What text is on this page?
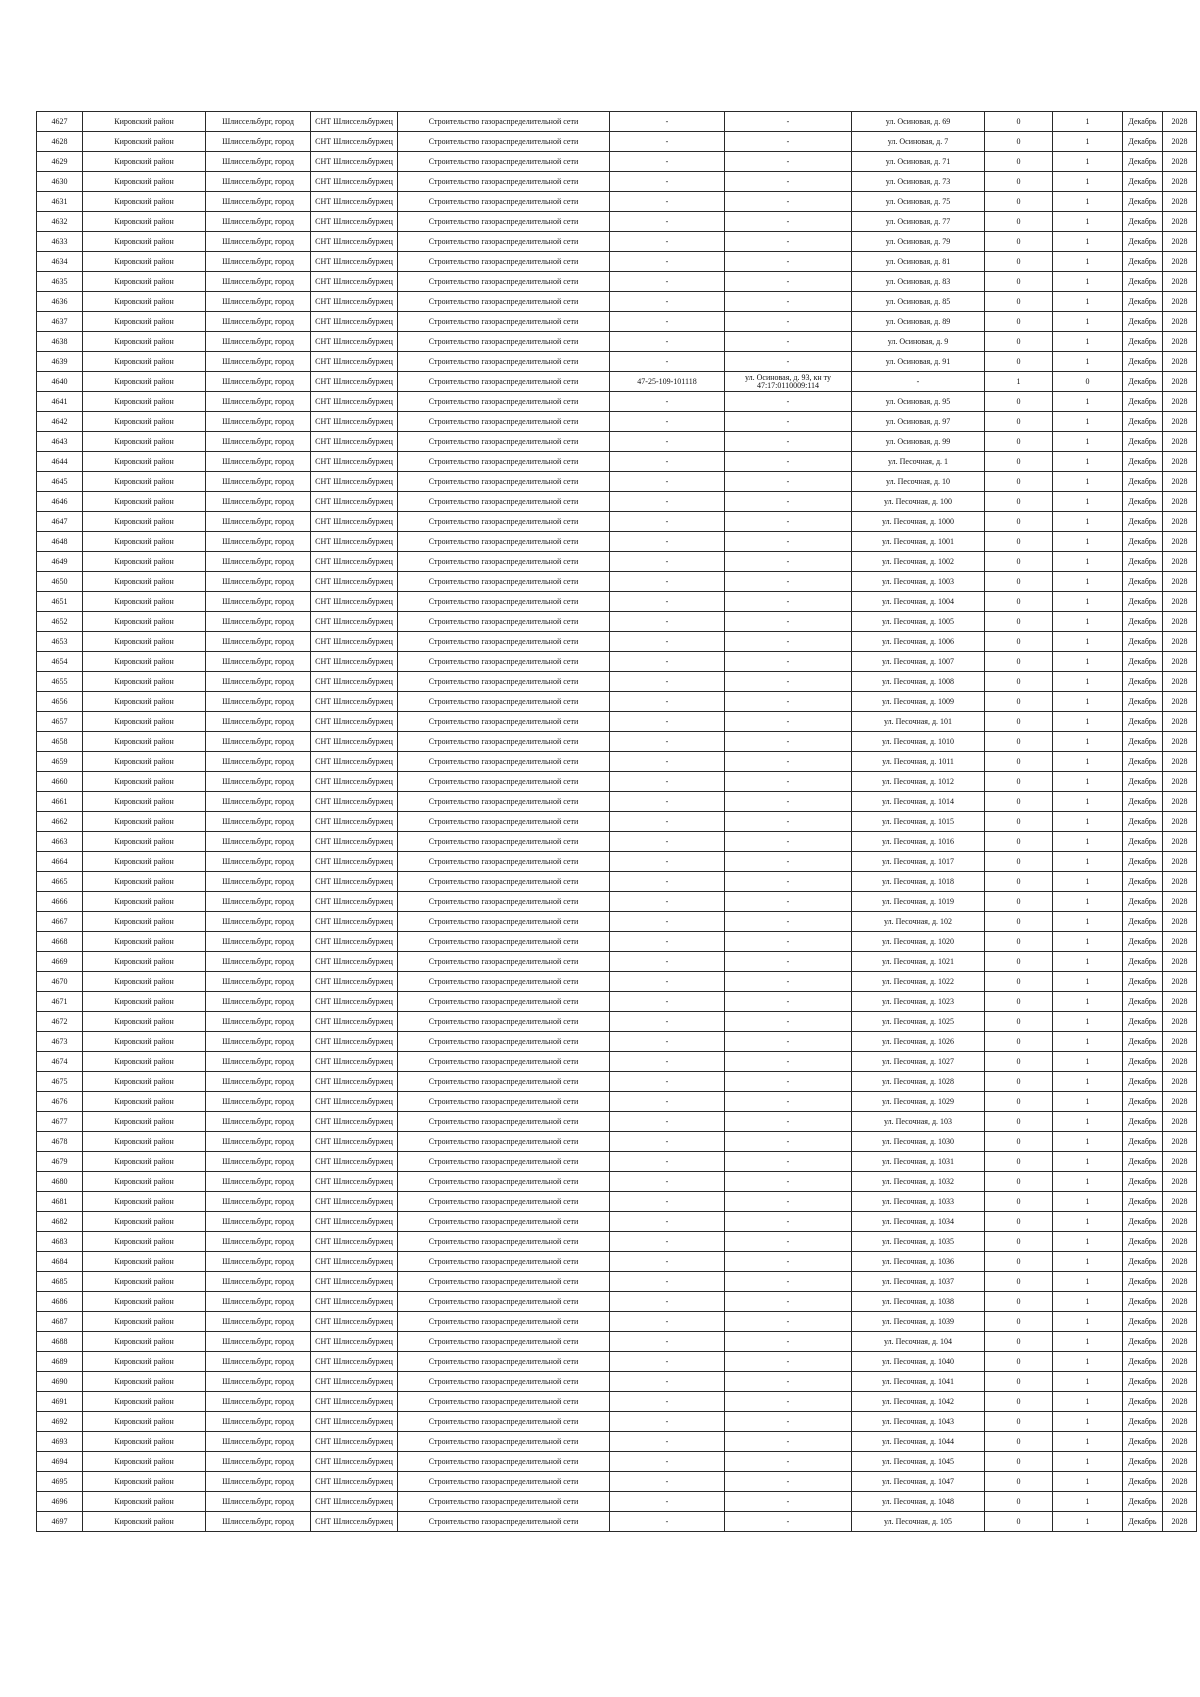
4627	Кировский район	Шлиссельбург, город	СНТ Шлиссельбуржец	Строительство газораспределительной сети	-	-	ул. Осиновая, д. 69	0	1	Декабрь	2028
4628	Кировский район	Шлиссельбург, город	СНТ Шлиссельбуржец	Строительство газораспределительной сети	-	-	ул. Осиновая, д. 7	0	1	Декабрь	2028
4629	Кировский район	Шлиссельбург, город	СНТ Шлиссельбуржец	Строительство газораспределительной сети	-	-	ул. Осиновая, д. 71	0	1	Декабрь	2028
4630	Кировский район	Шлиссельбург, город	СНТ Шлиссельбуржец	Строительство газораспределительной сети	-	-	ул. Осиновая, д. 73	0	1	Декабрь	2028
4631	Кировский район	Шлиссельбург, город	СНТ Шлиссельбуржец	Строительство газораспределительной сети	-	-	ул. Осиновая, д. 75	0	1	Декабрь	2028
4632	Кировский район	Шлиссельбург, город	СНТ Шлиссельбуржец	Строительство газораспределительной сети	-	-	ул. Осиновая, д. 77	0	1	Декабрь	2028
4633	Кировский район	Шлиссельбург, город	СНТ Шлиссельбуржец	Строительство газораспределительной сети	-	-	ул. Осиновая, д. 79	0	1	Декабрь	2028
4634	Кировский район	Шлиссельбург, город	СНТ Шлиссельбуржец	Строительство газораспределительной сети	-	-	ул. Осиновая, д. 81	0	1	Декабрь	2028
4635	Кировский район	Шлиссельбург, город	СНТ Шлиссельбуржец	Строительство газораспределительной сети	-	-	ул. Осиновая, д. 83	0	1	Декабрь	2028
4636	Кировский район	Шлиссельбург, город	СНТ Шлиссельбуржец	Строительство газораспределительной сети	-	-	ул. Осиновая, д. 85	0	1	Декабрь	2028
4637	Кировский район	Шлиссельбург, город	СНТ Шлиссельбуржец	Строительство газораспределительной сети	-	-	ул. Осиновая, д. 89	0	1	Декабрь	2028
4638	Кировский район	Шлиссельбург, город	СНТ Шлиссельбуржец	Строительство газораспределительной сети	-	-	ул. Осиновая, д. 9	0	1	Декабрь	2028
4639	Кировский район	Шлиссельбург, город	СНТ Шлиссельбуржец	Строительство газораспределительной сети	-	-	ул. Осиновая, д. 91	0	1	Декабрь	2028
4640	Кировский район	Шлиссельбург, город	СНТ Шлиссельбуржец	Строительство газораспределительной сети	47-25-109-101118	ул. Осиновая, д. 93, кн ту 47:17:0110009:114	-	1	0	Декабрь	2028
4641	Кировский район	Шлиссельбург, город	СНТ Шлиссельбуржец	Строительство газораспределительной сети	-	-	ул. Осиновая, д. 95	0	1	Декабрь	2028
4642	Кировский район	Шлиссельбург, город	СНТ Шлиссельбуржец	Строительство газораспределительной сети	-	-	ул. Осиновая, д. 97	0	1	Декабрь	2028
4643	Кировский район	Шлиссельбург, город	СНТ Шлиссельбуржец	Строительство газораспределительной сети	-	-	ул. Осиновая, д. 99	0	1	Декабрь	2028
4644	Кировский район	Шлиссельбург, город	СНТ Шлиссельбуржец	Строительство газораспределительной сети	-	-	ул. Песочная, д. 1	0	1	Декабрь	2028
4645	Кировский район	Шлиссельбург, город	СНТ Шлиссельбуржец	Строительство газораспределительной сети	-	-	ул. Песочная, д. 10	0	1	Декабрь	2028
4646	Кировский район	Шлиссельбург, город	СНТ Шлиссельбуржец	Строительство газораспределительной сети	-	-	ул. Песочная, д. 100	0	1	Декабрь	2028
4647	Кировский район	Шлиссельбург, город	СНТ Шлиссельбуржец	Строительство газораспределительной сети	-	-	ул. Песочная, д. 1000	0	1	Декабрь	2028
4648	Кировский район	Шлиссельбург, город	СНТ Шлиссельбуржец	Строительство газораспределительной сети	-	-	ул. Песочная, д. 1001	0	1	Декабрь	2028
4649	Кировский район	Шлиссельбург, город	СНТ Шлиссельбуржец	Строительство газораспределительной сети	-	-	ул. Песочная, д. 1002	0	1	Декабрь	2028
4650	Кировский район	Шлиссельбург, город	СНТ Шлиссельбуржец	Строительство газораспределительной сети	-	-	ул. Песочная, д. 1003	0	1	Декабрь	2028
4651	Кировский район	Шлиссельбург, город	СНТ Шлиссельбуржец	Строительство газораспределительной сети	-	-	ул. Песочная, д. 1004	0	1	Декабрь	2028
4652	Кировский район	Шлиссельбург, город	СНТ Шлиссельбуржец	Строительство газораспределительной сети	-	-	ул. Песочная, д. 1005	0	1	Декабрь	2028
4653	Кировский район	Шлиссельбург, город	СНТ Шлиссельбуржец	Строительство газораспределительной сети	-	-	ул. Песочная, д. 1006	0	1	Декабрь	2028
4654	Кировский район	Шлиссельбург, город	СНТ Шлиссельбуржец	Строительство газораспределительной сети	-	-	ул. Песочная, д. 1007	0	1	Декабрь	2028
4655	Кировский район	Шлиссельбург, город	СНТ Шлиссельбуржец	Строительство газораспределительной сети	-	-	ул. Песочная, д. 1008	0	1	Декабрь	2028
4656	Кировский район	Шлиссельбург, город	СНТ Шлиссельбуржец	Строительство газораспределительной сети	-	-	ул. Песочная, д. 1009	0	1	Декабрь	2028
4657	Кировский район	Шлиссельбург, город	СНТ Шлиссельбуржец	Строительство газораспределительной сети	-	-	ул. Песочная, д. 101	0	1	Декабрь	2028
4658	Кировский район	Шлиссельбург, город	СНТ Шлиссельбуржец	Строительство газораспределительной сети	-	-	ул. Песочная, д. 1010	0	1	Декабрь	2028
4659	Кировский район	Шлиссельбург, город	СНТ Шлиссельбуржец	Строительство газораспределительной сети	-	-	ул. Песочная, д. 1011	0	1	Декабрь	2028
4660	Кировский район	Шлиссельбург, город	СНТ Шлиссельбуржец	Строительство газораспределительной сети	-	-	ул. Песочная, д. 1012	0	1	Декабрь	2028
4661	Кировский район	Шлиссельбург, город	СНТ Шлиссельбуржец	Строительство газораспределительной сети	-	-	ул. Песочная, д. 1014	0	1	Декабрь	2028
4662	Кировский район	Шлиссельбург, город	СНТ Шлиссельбуржец	Строительство газораспределительной сети	-	-	ул. Песочная, д. 1015	0	1	Декабрь	2028
4663	Кировский район	Шлиссельбург, город	СНТ Шлиссельбуржец	Строительство газораспределительной сети	-	-	ул. Песочная, д. 1016	0	1	Декабрь	2028
4664	Кировский район	Шлиссельбург, город	СНТ Шлиссельбуржец	Строительство газораспределительной сети	-	-	ул. Песочная, д. 1017	0	1	Декабрь	2028
4665	Кировский район	Шлиссельбург, город	СНТ Шлиссельбуржец	Строительство газораспределительной сети	-	-	ул. Песочная, д. 1018	0	1	Декабрь	2028
4666	Кировский район	Шлиссельбург, город	СНТ Шлиссельбуржец	Строительство газораспределительной сети	-	-	ул. Песочная, д. 1019	0	1	Декабрь	2028
4667	Кировский район	Шлиссельбург, город	СНТ Шлиссельбуржец	Строительство газораспределительной сети	-	-	ул. Песочная, д. 102	0	1	Декабрь	2028
4668	Кировский район	Шлиссельбург, город	СНТ Шлиссельбуржец	Строительство газораспределительной сети	-	-	ул. Песочная, д. 1020	0	1	Декабрь	2028
4669	Кировский район	Шлиссельбург, город	СНТ Шлиссельбуржец	Строительство газораспределительной сети	-	-	ул. Песочная, д. 1021	0	1	Декабрь	2028
4670	Кировский район	Шлиссельбург, город	СНТ Шлиссельбуржец	Строительство газораспределительной сети	-	-	ул. Песочная, д. 1022	0	1	Декабрь	2028
4671	Кировский район	Шлиссельбург, город	СНТ Шлиссельбуржец	Строительство газораспределительной сети	-	-	ул. Песочная, д. 1023	0	1	Декабрь	2028
4672	Кировский район	Шлиссельбург, город	СНТ Шлиссельбуржец	Строительство газораспределительной сети	-	-	ул. Песочная, д. 1025	0	1	Декабрь	2028
4673	Кировский район	Шлиссельбург, город	СНТ Шлиссельбуржец	Строительство газораспределительной сети	-	-	ул. Песочная, д. 1026	0	1	Декабрь	2028
4674	Кировский район	Шлиссельбург, город	СНТ Шлиссельбуржец	Строительство газораспределительной сети	-	-	ул. Песочная, д. 1027	0	1	Декабрь	2028
4675	Кировский район	Шлиссельбург, город	СНТ Шлиссельбуржец	Строительство газораспределительной сети	-	-	ул. Песочная, д. 1028	0	1	Декабрь	2028
4676	Кировский район	Шлиссельбург, город	СНТ Шлиссельбуржец	Строительство газораспределительной сети	-	-	ул. Песочная, д. 1029	0	1	Декабрь	2028
4677	Кировский район	Шлиссельбург, город	СНТ Шлиссельбуржец	Строительство газораспределительной сети	-	-	ул. Песочная, д. 103	0	1	Декабрь	2028
4678	Кировский район	Шлиссельбург, город	СНТ Шлиссельбуржец	Строительство газораспределительной сети	-	-	ул. Песочная, д. 1030	0	1	Декабрь	2028
4679	Кировский район	Шлиссельбург, город	СНТ Шлиссельбуржец	Строительство газораспределительной сети	-	-	ул. Песочная, д. 1031	0	1	Декабрь	2028
4680	Кировский район	Шлиссельбург, город	СНТ Шлиссельбуржец	Строительство газораспределительной сети	-	-	ул. Песочная, д. 1032	0	1	Декабрь	2028
4681	Кировский район	Шлиссельбург, город	СНТ Шлиссельбуржец	Строительство газораспределительной сети	-	-	ул. Песочная, д. 1033	0	1	Декабрь	2028
4682	Кировский район	Шлиссельбург, город	СНТ Шлиссельбуржец	Строительство газораспределительной сети	-	-	ул. Песочная, д. 1034	0	1	Декабрь	2028
4683	Кировский район	Шлиссельбург, город	СНТ Шлиссельбуржец	Строительство газораспределительной сети	-	-	ул. Песочная, д. 1035	0	1	Декабрь	2028
4684	Кировский район	Шлиссельбург, город	СНТ Шлиссельбуржец	Строительство газораспределительной сети	-	-	ул. Песочная, д. 1036	0	1	Декабрь	2028
4685	Кировский район	Шлиссельбург, город	СНТ Шлиссельбуржец	Строительство газораспределительной сети	-	-	ул. Песочная, д. 1037	0	1	Декабрь	2028
4686	Кировский район	Шлиссельбург, город	СНТ Шлиссельбуржец	Строительство газораспределительной сети	-	-	ул. Песочная, д. 1038	0	1	Декабрь	2028
4687	Кировский район	Шлиссельбург, город	СНТ Шлиссельбуржец	Строительство газораспределительной сети	-	-	ул. Песочная, д. 1039	0	1	Декабрь	2028
4688	Кировский район	Шлиссельбург, город	СНТ Шлиссельбуржец	Строительство газораспределительной сети	-	-	ул. Песочная, д. 104	0	1	Декабрь	2028
4689	Кировский район	Шлиссельбург, город	СНТ Шлиссельбуржец	Строительство газораспределительной сети	-	-	ул. Песочная, д. 1040	0	1	Декабрь	2028
4690	Кировский район	Шлиссельбург, город	СНТ Шлиссельбуржец	Строительство газораспределительной сети	-	-	ул. Песочная, д. 1041	0	1	Декабрь	2028
4691	Кировский район	Шлиссельбург, город	СНТ Шлиссельбуржец	Строительство газораспределительной сети	-	-	ул. Песочная, д. 1042	0	1	Декабрь	2028
4692	Кировский район	Шлиссельбург, город	СНТ Шлиссельбуржец	Строительство газораспределительной сети	-	-	ул. Песочная, д. 1043	0	1	Декабрь	2028
4693	Кировский район	Шлиссельбург, город	СНТ Шлиссельбуржец	Строительство газораспределительной сети	-	-	ул. Песочная, д. 1044	0	1	Декабрь	2028
4694	Кировский район	Шлиссельбург, город	СНТ Шлиссельбуржец	Строительство газораспределительной сети	-	-	ул. Песочная, д. 1045	0	1	Декабрь	2028
4695	Кировский район	Шлиссельбург, город	СНТ Шлиссельбуржец	Строительство газораспределительной сети	-	-	ул. Песочная, д. 1047	0	1	Декабрь	2028
4696	Кировский район	Шлиссельбург, город	СНТ Шлиссельбуржец	Строительство газораспределительной сети	-	-	ул. Песочная, д. 1048	0	1	Декабрь	2028
4697	Кировский район	Шлиссельбург, город	СНТ Шлиссельбуржец	Строительство газораспределительной сети	-	-	ул. Песочная, д. 105	0	1	Декабрь	2028
